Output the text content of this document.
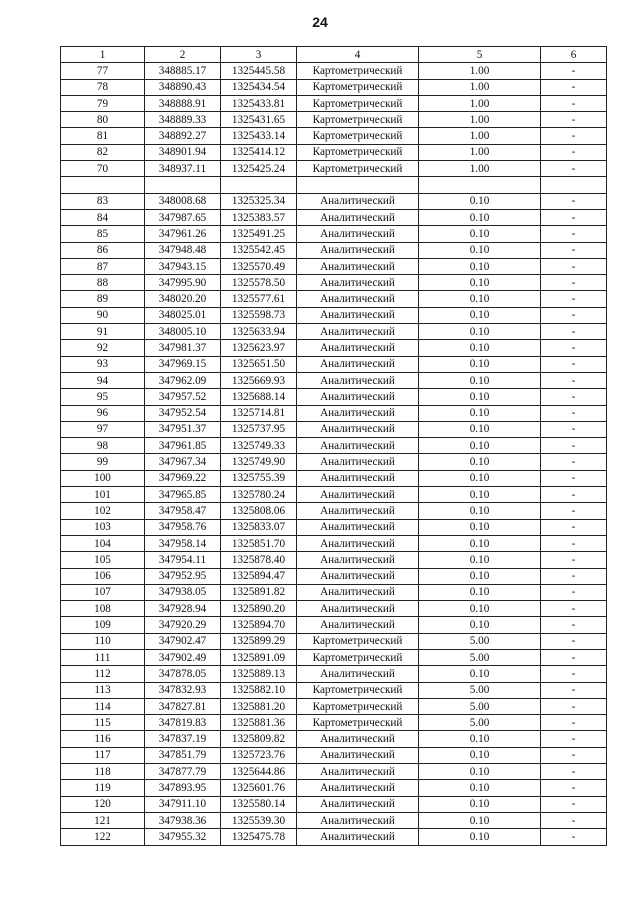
24
1	2	3	4	5	6
77	348885.17	1325445.58	Картометрический	1.00	-
78	348890.43	1325434.54	Картометрический	1.00	-
79	348888.91	1325433.81	Картометрический	1.00	-
80	348889.33	1325431.65	Картометрический	1.00	-
81	348892.27	1325433.14	Картометрический	1.00	-
82	348901.94	1325414.12	Картометрический	1.00	-
70	348937.11	1325425.24	Картометрический	1.00	-

83	348008.68	1325325.34	Аналитический	0.10	-
84	347987.65	1325383.57	Аналитический	0.10	-
85	347961.26	1325491.25	Аналитический	0.10	-
86	347948.48	1325542.45	Аналитический	0.10	-
87	347943.15	1325570.49	Аналитический	0.10	-
88	347995.90	1325578.50	Аналитический	0.10	-
89	348020.20	1325577.61	Аналитический	0.10	-
90	348025.01	1325598.73	Аналитический	0.10	-
91	348005.10	1325633.94	Аналитический	0.10	-
92	347981.37	1325623.97	Аналитический	0.10	-
93	347969.15	1325651.50	Аналитический	0.10	-
94	347962.09	1325669.93	Аналитический	0.10	-
95	347957.52	1325688.14	Аналитический	0.10	-
96	347952.54	1325714.81	Аналитический	0.10	-
97	347951.37	1325737.95	Аналитический	0.10	-
98	347961.85	1325749.33	Аналитический	0.10	-
99	347967.34	1325749.90	Аналитический	0.10	-
100	347969.22	1325755.39	Аналитический	0.10	-
101	347965.85	1325780.24	Аналитический	0.10	-
102	347958.47	1325808.06	Аналитический	0.10	-
103	347958.76	1325833.07	Аналитический	0.10	-
104	347958.14	1325851.70	Аналитический	0.10	-
105	347954.11	1325878.40	Аналитический	0.10	-
106	347952.95	1325894.47	Аналитический	0.10	-
107	347938.05	1325891.82	Аналитический	0.10	-
108	347928.94	1325890.20	Аналитический	0.10	-
109	347920.29	1325894.70	Аналитический	0.10	-
110	347902.47	1325899.29	Картометрический	5.00	-
111	347902.49	1325891.09	Картометрический	5.00	-
112	347878.05	1325889.13	Аналитический	0.10	-
113	347832.93	1325882.10	Картометрический	5.00	-
114	347827.81	1325881.20	Картометрический	5.00	-
115	347819.83	1325881.36	Картометрический	5.00	-
116	347837.19	1325809.82	Аналитический	0.10	-
117	347851.79	1325723.76	Аналитический	0.10	-
118	347877.79	1325644.86	Аналитический	0.10	-
119	347893.95	1325601.76	Аналитический	0.10	-
120	347911.10	1325580.14	Аналитический	0.10	-
121	347938.36	1325539.30	Аналитический	0.10	-
122	347955.32	1325475.78	Аналитический	0.10	-
